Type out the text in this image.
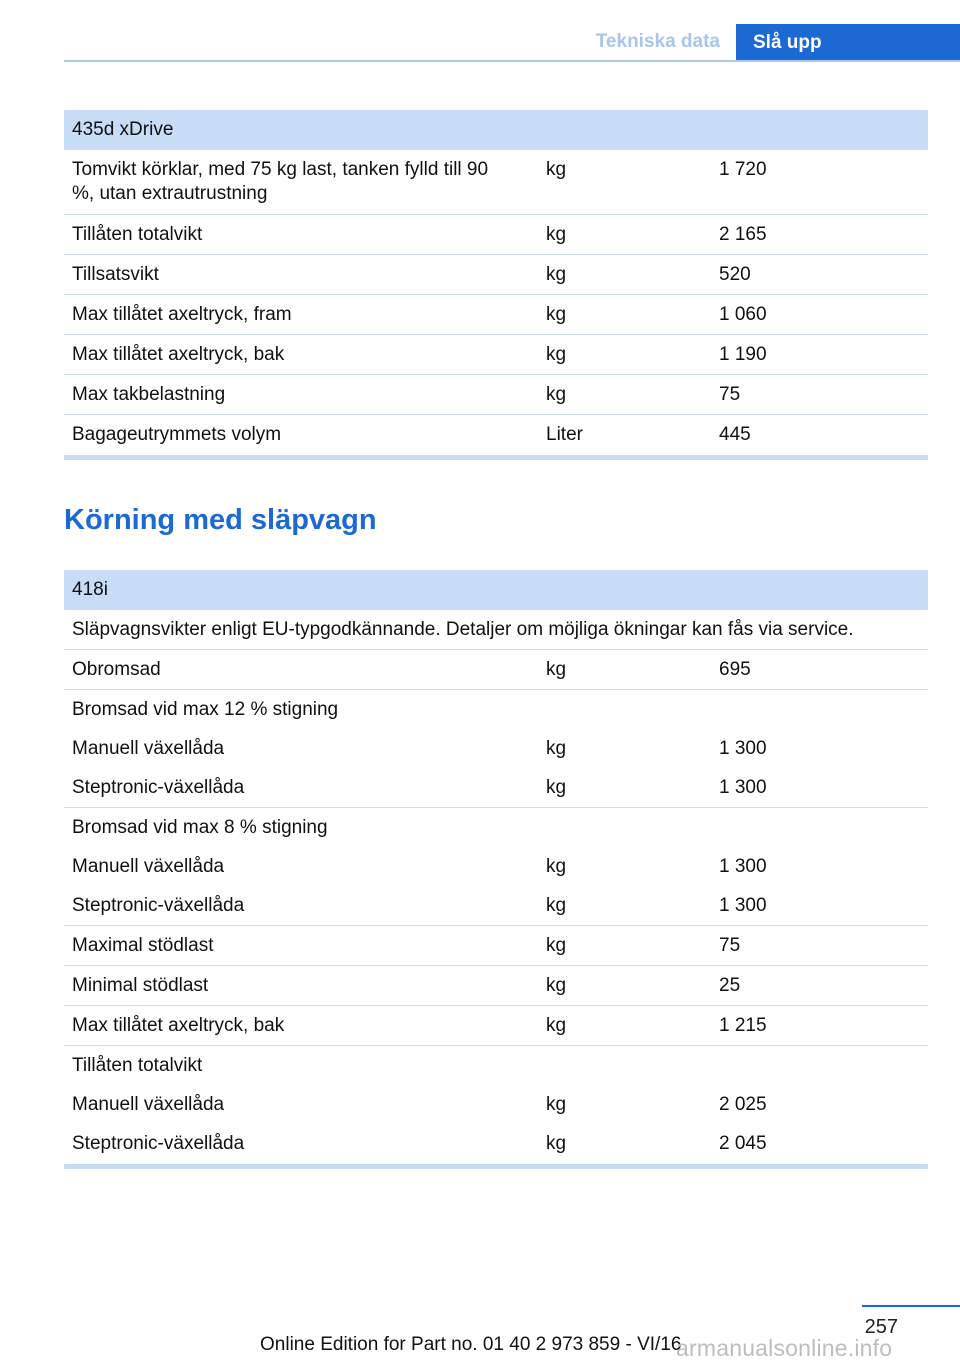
Tekniska data	Slå upp
435d xDrive
Tomvikt körklar, med 75 kg last, tanken fylld till 90 %, utan extrautrustning
kg	1 720
Tillåten totalvikt	kg	2 165
Tillsatsvikt	kg	520
Max tillåtet axeltryck, fram	kg	1 060
Max tillåtet axeltryck, bak	kg	1 190
Max takbelastning	kg	75
Bagageutrymmets volym	Liter	445
Körning med släpvagn
418i
Släpvagnsvikter enligt EU-typgodkännande. Detaljer om möjliga ökningar kan fås via service.
Obromsad	kg	695
Bromsad vid max 12 % stigning
Manuell växellåda	kg	1 300
Steptronic-växellåda	kg	1 300
Bromsad vid max 8 % stigning
Manuell växellåda	kg	1 300
Steptronic-växellåda	kg	1 300
Maximal stödlast	kg	75
Minimal stödlast	kg	25
Max tillåtet axeltryck, bak	kg	1 215
Tillåten totalvikt
Manuell växellåda	kg	2 025
Steptronic-växellåda	kg	2 045
257
Online Edition for Part no. 01 40 2 973 859 - VI/16
armanualsonline.info
